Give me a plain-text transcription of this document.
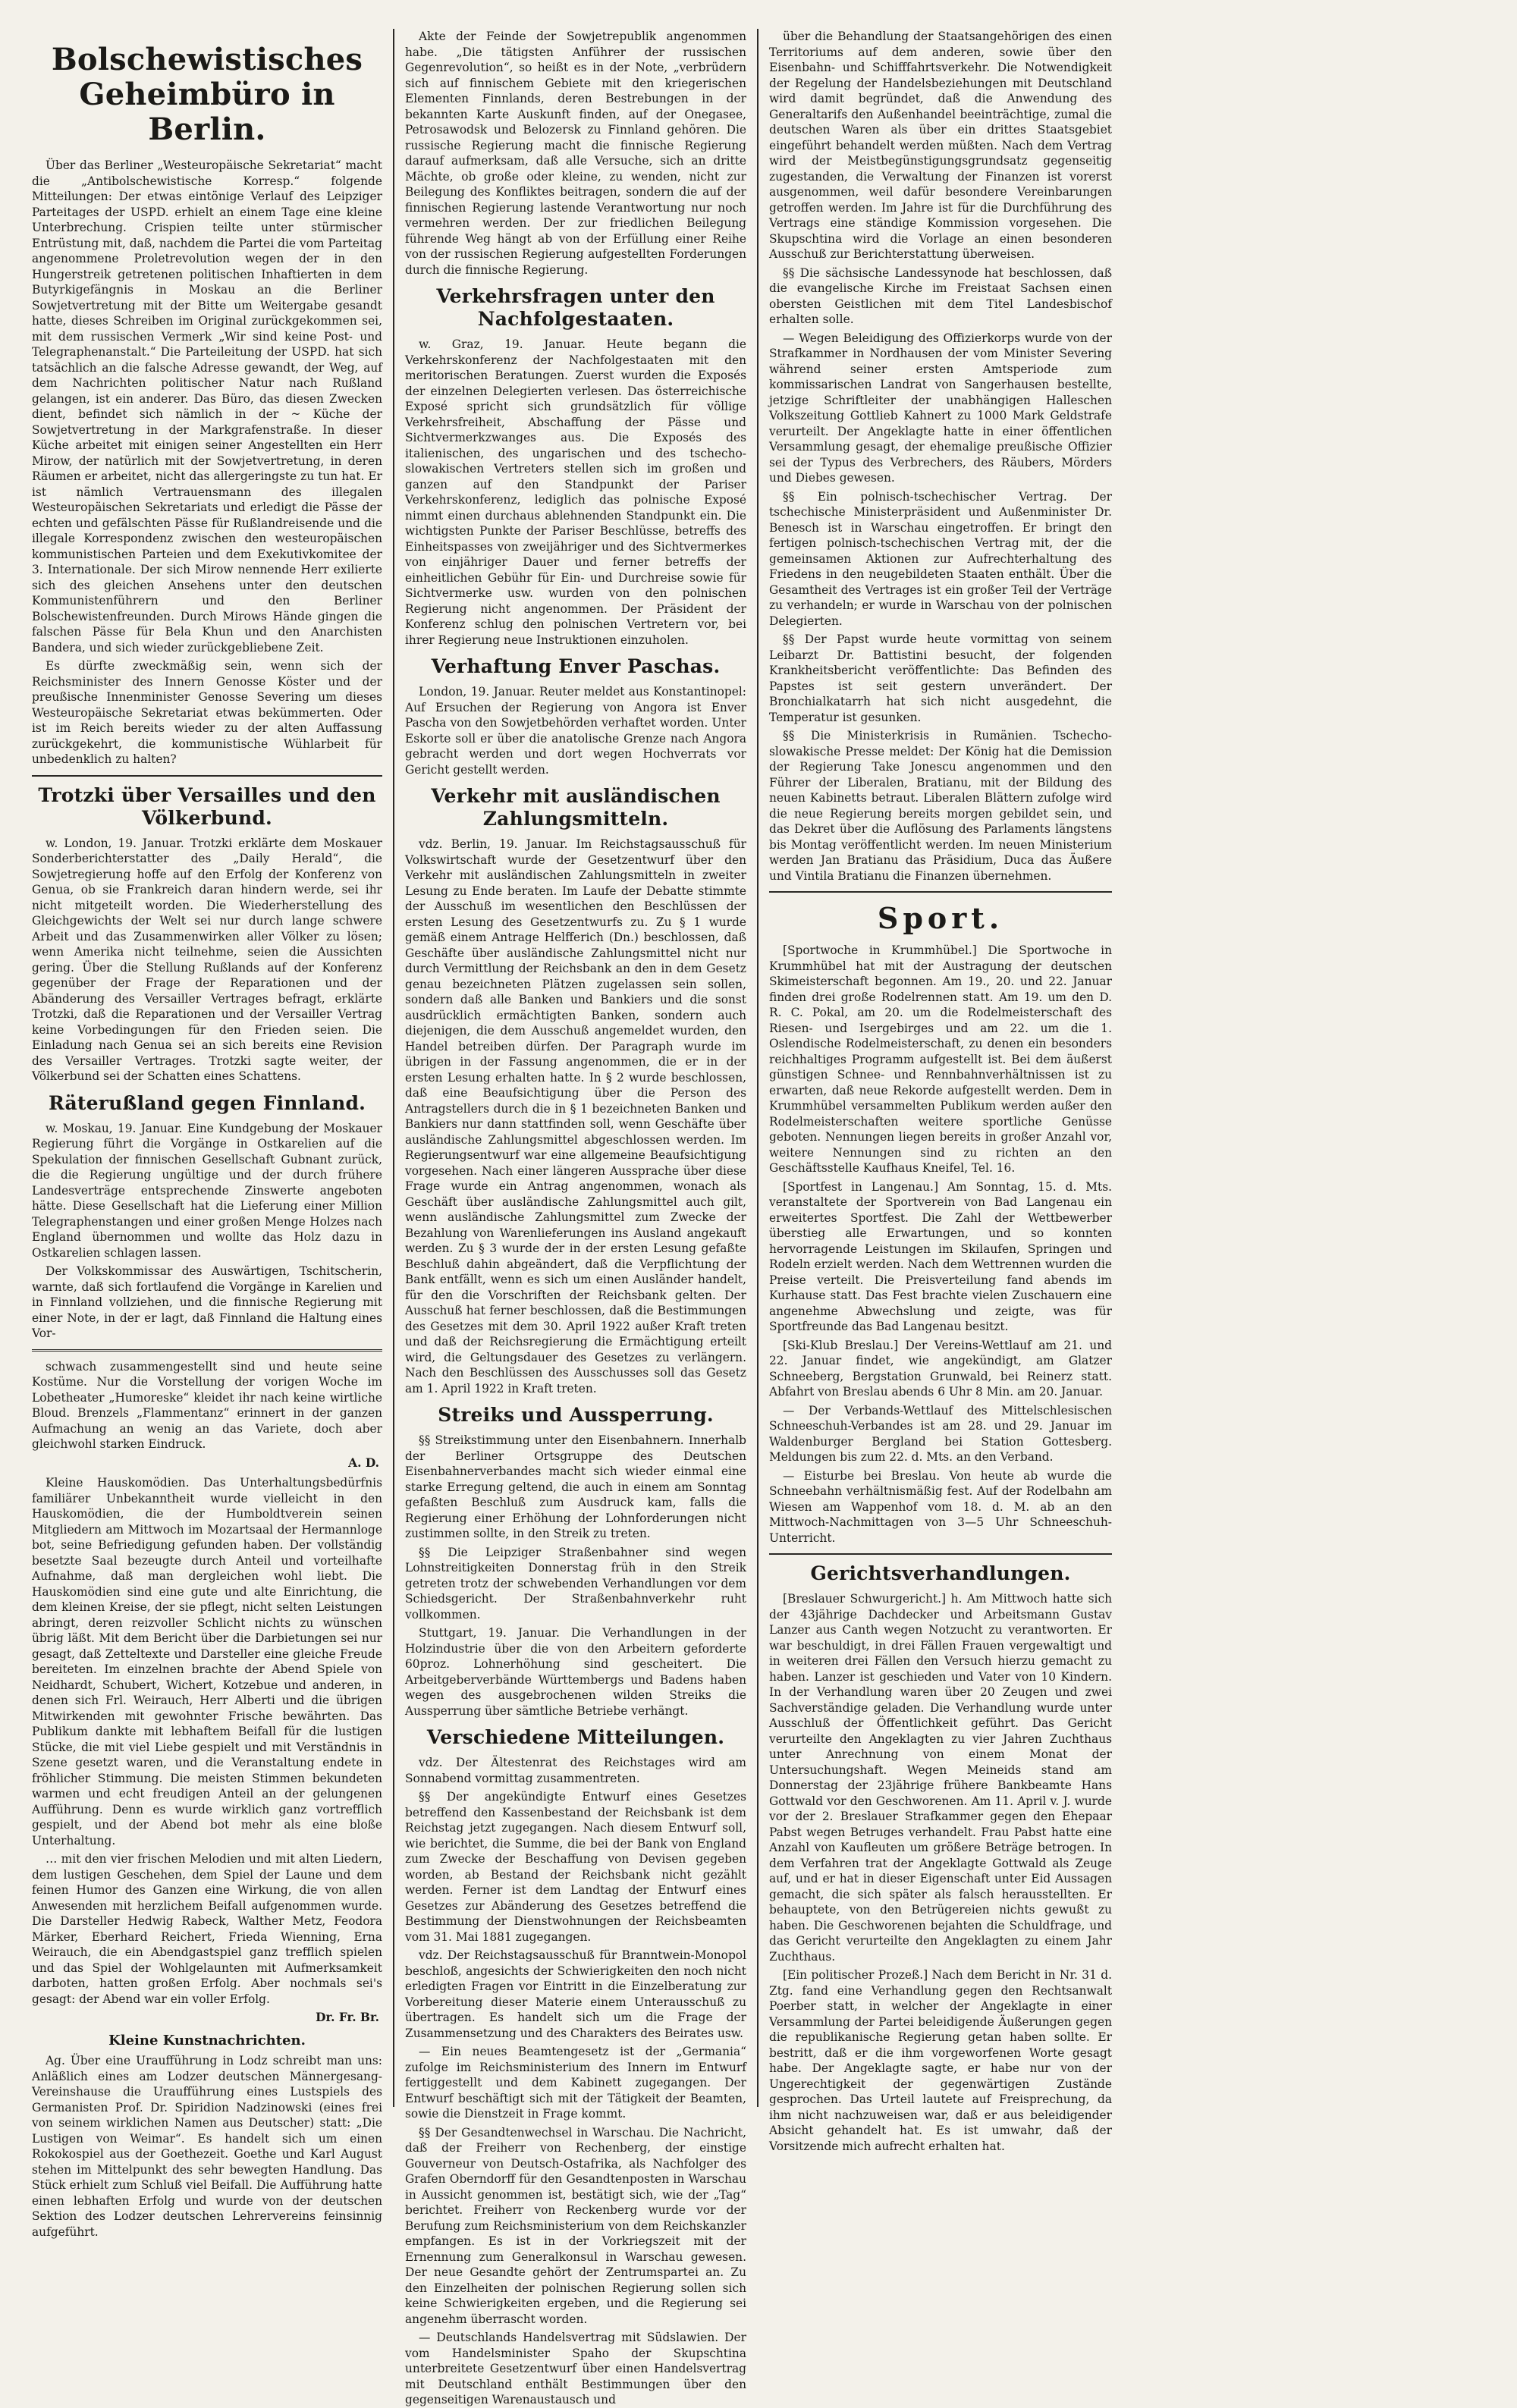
Bolschewistisches Geheimbüro in Berlin.

Über das Berliner „Westeuropäische Sekretariat“ macht die „Antibolschewistische Korresp.“ folgende Mitteilungen: Der etwas eintönige Verlauf des Leipziger Parteitages der USPD. erhielt an einem Tage eine kleine Unterbrechung. Crispien teilte unter stürmischer Entrüstung mit, daß, nachdem die Partei die vom Parteitag angenommene Proletrevolution wegen der in den Hungerstreik getretenen politischen Inhaftierten in dem Butyrkigefängnis in Moskau an die Berliner Sowjetvertretung mit der Bitte um Weitergabe gesandt hatte, dieses Schreiben im Original zurückgekommen sei, mit dem russischen Vermerk „Wir sind keine Post- und Telegraphenanstalt.“ Die Parteileitung der USPD. hat sich tatsächlich an die falsche Adresse gewandt, der Weg, auf dem Nachrichten politischer Natur nach Rußland gelangen, ist ein anderer. Das Büro, das diesen Zwecken dient, befindet sich nämlich in der ~ Küche der Sowjetvertretung in der Markgrafenstraße. In dieser Küche arbeitet mit einigen seiner Angestellten ein Herr Mirow, der natürlich mit der Sowjetvertretung, in deren Räumen er arbeitet, nicht das allergeringste zu tun hat. Er ist nämlich Vertrauensmann des illegalen Westeuropäischen Sekretariats und erledigt die Pässe der echten und gefälschten Pässe für Rußlandreisende und die illegale Korrespondenz zwischen den westeuropäischen kommunistischen Parteien und dem Exekutivkomitee der 3. Internationale. Der sich Mirow nennende Herr exilierte sich des gleichen Ansehens unter den deutschen Kommunistenführern und den Berliner Bolschewistenfreunden. Durch Mirows Hände gingen die falschen Pässe für Bela Khun und den Anarchisten Bandera, und sich wieder zurückgebliebene Zeit.

Es dürfte zweckmäßig sein, wenn sich der Reichsminister des Innern Genosse Köster und der preußische Innenminister Genosse Severing um dieses Westeuropäische Sekretariat etwas bekümmerten. Oder ist im Reich bereits wieder zu der alten Auffassung zurückgekehrt, die kommunistische Wühlarbeit für unbedenklich zu halten?

Trotzki über Versailles und den Völkerbund.

w. London, 19. Januar. Trotzki erklärte dem Moskauer Sonderberichterstatter des „Daily Herald“, die Sowjetregierung hoffe auf den Erfolg der Konferenz von Genua, ob sie Frankreich daran hindern werde, sei ihr nicht mitgeteilt worden. Die Wiederherstellung des Gleichgewichts der Welt sei nur durch lange schwere Arbeit und das Zusammenwirken aller Völker zu lösen; wenn Amerika nicht teilnehme, seien die Aussichten gering. Über die Stellung Rußlands auf der Konferenz gegenüber der Frage der Reparationen und der Abänderung des Versailler Vertrages befragt, erklärte Trotzki, daß die Reparationen und der Versailler Vertrag keine Vorbedingungen für den Frieden seien. Die Einladung nach Genua sei an sich bereits eine Revision des Versailler Vertrages. Trotzki sagte weiter, der Völkerbund sei der Schatten eines Schattens.

Räterußland gegen Finnland.

w. Moskau, 19. Januar. Eine Kundgebung der Moskauer Regierung führt die Vorgänge in Ostkarelien auf die Spekulation der finnischen Gesellschaft Gubnant zurück, die die Regierung ungültige und der durch frühere Landesverträge entsprechende Zinswerte angeboten hätte. Diese Gesellschaft hat die Lieferung einer Million Telegraphenstangen und einer großen Menge Holzes nach England übernommen und wollte das Holz dazu in Ostkarelien schlagen lassen.

Der Volkskommissar des Auswärtigen, Tschitscherin, warnte, daß sich fortlaufend die Vorgänge in Karelien und in Finnland vollziehen, und die finnische Regierung mit einer Note, in der er lagt, daß Finnland die Haltung eines Vor-

schwach zusammengestellt sind und heute seine Kostüme. Nur die Vorstellung der vorigen Woche im Lobetheater „Humoreske“ kleidet ihr nach keine wirtliche Bloud. Brenzels „Flammentanz“ erinnert in der ganzen Aufmachung an wenig an das Variete, doch aber gleichwohl starken Eindruck.

A. D.

Kleine Hauskomödien. Das Unterhaltungsbedürfnis familiärer Unbekanntheit wurde vielleicht in den Hauskomödien, die der Humboldtverein seinen Mitgliedern am Mittwoch im Mozartsaal der Hermannloge bot, seine Befriedigung gefunden haben. Der vollständig besetzte Saal bezeugte durch Anteil und vorteilhafte Aufnahme, daß man dergleichen wohl liebt. Die Hauskomödien sind eine gute und alte Einrichtung, die dem kleinen Kreise, der sie pflegt, nicht selten Leistungen abringt, deren reizvoller Schlicht nichts zu wünschen übrig läßt. Mit dem Bericht über die Darbietungen sei nur gesagt, daß Zetteltexte und Darsteller eine gleiche Freude bereiteten. Im einzelnen brachte der Abend Spiele von Neidhardt, Schubert, Wichert, Kotzebue und anderen, in denen sich Frl. Weirauch, Herr Alberti und die übrigen Mitwirkenden mit gewohnter Frische bewährten. Das Publikum dankte mit lebhaftem Beifall für die lustigen Stücke, die mit viel Liebe gespielt und mit Verständnis in Szene gesetzt waren, und die Veranstaltung endete in fröhlicher Stimmung. Die meisten Stimmen bekundeten warmen und echt freudigen Anteil an der gelungenen Aufführung. Denn es wurde wirklich ganz vortrefflich gespielt, und der Abend bot mehr als eine bloße Unterhaltung.

… mit den vier frischen Melodien und mit alten Liedern, dem lustigen Geschehen, dem Spiel der Laune und dem feinen Humor des Ganzen eine Wirkung, die von allen Anwesenden mit herzlichem Beifall aufgenommen wurde. Die Darsteller Hedwig Rabeck, Walther Metz, Feodora Märker, Eberhard Reichert, Frieda Wienning, Erna Weirauch, die ein Abendgastspiel ganz trefflich spielen und das Spiel der Wohlgelaunten mit Aufmerksamkeit darboten, hatten großen Erfolg. Aber nochmals sei's gesagt: der Abend war ein voller Erfolg.

Dr. Fr. Br.
Kleine Kunstnachrichten.

Ag. Über eine Uraufführung in Lodz schreibt man uns: Anläßlich eines am Lodzer deutschen Männergesang-Vereinshause die Uraufführung eines Lustspiels des Germanisten Prof. Dr. Spiridion Nadzinowski (eines frei von seinem wirklichen Namen aus Deutscher) statt: „Die Lustigen von Weimar“. Es handelt sich um einen Rokokospiel aus der Goethezeit. Goethe und Karl August stehen im Mittelpunkt des sehr bewegten Handlung. Das Stück erhielt zum Schluß viel Beifall. Die Aufführung hatte einen lebhaften Erfolg und wurde von der deutschen Sektion des Lodzer deutschen Lehrervereins feinsinnig aufgeführt.

Akte der Feinde der Sowjetrepublik angenommen habe. „Die tätigsten Anführer der russischen Gegenrevolution“, so heißt es in der Note, „verbrüdern sich auf finnischem Gebiete mit den kriegerischen Elementen Finnlands, deren Bestrebungen in der bekannten Karte Auskunft finden, auf der Onegasee, Petrosawodsk und Belozersk zu Finnland gehören. Die russische Regierung macht die finnische Regierung darauf aufmerksam, daß alle Versuche, sich an dritte Mächte, ob große oder kleine, zu wenden, nicht zur Beilegung des Konfliktes beitragen, sondern die auf der finnischen Regierung lastende Verantwortung nur noch vermehren werden. Der zur friedlichen Beilegung führende Weg hängt ab von der Erfüllung einer Reihe von der russischen Regierung aufgestellten Forderungen durch die finnische Regierung.

Verkehrsfragen unter den Nachfolgestaaten.

w. Graz, 19. Januar. Heute begann die Verkehrskonferenz der Nachfolgestaaten mit den meritorischen Beratungen. Zuerst wurden die Exposés der einzelnen Delegierten verlesen. Das österreichische Exposé spricht sich grundsätzlich für völlige Verkehrsfreiheit, Abschaffung der Pässe und Sichtvermerkzwanges aus. Die Exposés des italienischen, des ungarischen und des tschecho-slowakischen Vertreters stellen sich im großen und ganzen auf den Standpunkt der Pariser Verkehrskonferenz, lediglich das polnische Exposé nimmt einen durchaus ablehnenden Standpunkt ein. Die wichtigsten Punkte der Pariser Beschlüsse, betreffs des Einheitspasses von zweijähriger und des Sichtvermerkes von einjähriger Dauer und ferner betreffs der einheitlichen Gebühr für Ein- und Durchreise sowie für Sichtvermerke usw. wurden von den polnischen Regierung nicht angenommen. Der Präsident der Konferenz schlug den polnischen Vertretern vor, bei ihrer Regierung neue Instruktionen einzuholen.

Verhaftung Enver Paschas.

London, 19. Januar. Reuter meldet aus Konstantinopel: Auf Ersuchen der Regierung von Angora ist Enver Pascha von den Sowjetbehörden verhaftet worden. Unter Eskorte soll er über die anatolische Grenze nach Angora gebracht werden und dort wegen Hochverrats vor Gericht gestellt werden.

Verkehr mit ausländischen Zahlungsmitteln.

vdz. Berlin, 19. Januar. Im Reichstagsausschuß für Volkswirtschaft wurde der Gesetzentwurf über den Verkehr mit ausländischen Zahlungsmitteln in zweiter Lesung zu Ende beraten. Im Laufe der Debatte stimmte der Ausschuß im wesentlichen den Beschlüssen der ersten Lesung des Gesetzentwurfs zu. Zu § 1 wurde gemäß einem Antrage Helfferich (Dn.) beschlossen, daß Geschäfte über ausländische Zahlungsmittel nicht nur durch Vermittlung der Reichsbank an den in dem Gesetz genau bezeichneten Plätzen zugelassen sein sollen, sondern daß alle Banken und Bankiers und die sonst ausdrücklich ermächtigten Banken, sondern auch diejenigen, die dem Ausschuß angemeldet wurden, den Handel betreiben dürfen. Der Paragraph wurde im übrigen in der Fassung angenommen, die er in der ersten Lesung erhalten hatte. In § 2 wurde beschlossen, daß eine Beaufsichtigung über die Person des Antragstellers durch die in § 1 bezeichneten Banken und Bankiers nur dann stattfinden soll, wenn Geschäfte über ausländische Zahlungsmittel abgeschlossen werden. Im Regierungsentwurf war eine allgemeine Beaufsichtigung vorgesehen. Nach einer längeren Aussprache über diese Frage wurde ein Antrag angenommen, wonach als Geschäft über ausländische Zahlungsmittel auch gilt, wenn ausländische Zahlungsmittel zum Zwecke der Bezahlung von Warenlieferungen ins Ausland angekauft werden. Zu § 3 wurde der in der ersten Lesung gefaßte Beschluß dahin abgeändert, daß die Verpflichtung der Bank entfällt, wenn es sich um einen Ausländer handelt, für den die Vorschriften der Reichsbank gelten. Der Ausschuß hat ferner beschlossen, daß die Bestimmungen des Gesetzes mit dem 30. April 1922 außer Kraft treten und daß der Reichsregierung die Ermächtigung erteilt wird, die Geltungsdauer des Gesetzes zu verlängern. Nach den Beschlüssen des Ausschusses soll das Gesetz am 1. April 1922 in Kraft treten.

Streiks und Aussperrung.

§§ Streikstimmung unter den Eisenbahnern. Innerhalb der Berliner Ortsgruppe des Deutschen Eisenbahnerverbandes macht sich wieder einmal eine starke Erregung geltend, die auch in einem am Sonntag gefaßten Beschluß zum Ausdruck kam, falls die Regierung einer Erhöhung der Lohnforderungen nicht zustimmen sollte, in den Streik zu treten.

§§ Die Leipziger Straßenbahner sind wegen Lohnstreitigkeiten Donnerstag früh in den Streik getreten trotz der schwebenden Verhandlungen vor dem Schiedsgericht. Der Straßenbahnverkehr ruht vollkommen.

Stuttgart, 19. Januar. Die Verhandlungen in der Holzindustrie über die von den Arbeitern geforderte 60proz. Lohnerhöhung sind gescheitert. Die Arbeitgeberverbände Württembergs und Badens haben wegen des ausgebrochenen wilden Streiks die Aussperrung über sämtliche Betriebe verhängt.

Verschiedene Mitteilungen.

vdz. Der Ältestenrat des Reichstages wird am Sonnabend vormittag zusammentreten.

§§ Der angekündigte Entwurf eines Gesetzes betreffend den Kassenbestand der Reichsbank ist dem Reichstag jetzt zugegangen. Nach diesem Entwurf soll, wie berichtet, die Summe, die bei der Bank von England zum Zwecke der Beschaffung von Devisen gegeben worden, ab Bestand der Reichsbank nicht gezählt werden. Ferner ist dem Landtag der Entwurf eines Gesetzes zur Abänderung des Gesetzes betreffend die Bestimmung der Dienstwohnungen der Reichsbeamten vom 31. Mai 1881 zugegangen.

vdz. Der Reichstagsausschuß für Branntwein-Monopol beschloß, angesichts der Schwierigkeiten den noch nicht erledigten Fragen vor Eintritt in die Einzelberatung zur Vorbereitung dieser Materie einem Unterausschuß zu übertragen. Es handelt sich um die Frage der Zusammensetzung und des Charakters des Beirates usw.

— Ein neues Beamtengesetz ist der „Germania“ zufolge im Reichsministerium des Innern im Entwurf fertiggestellt und dem Kabinett zugegangen. Der Entwurf beschäftigt sich mit der Tätigkeit der Beamten, sowie die Dienstzeit in Frage kommt.

§§ Der Gesandtenwechsel in Warschau. Die Nachricht, daß der Freiherr von Rechenberg, der einstige Gouverneur von Deutsch-Ostafrika, als Nachfolger des Grafen Oberndorff für den Gesandtenposten in Warschau in Aussicht genommen ist, bestätigt sich, wie der „Tag“ berichtet. Freiherr von Reckenberg wurde vor der Berufung zum Reichsministerium von dem Reichskanzler empfangen. Es ist in der Vorkriegszeit mit der Ernennung zum Generalkonsul in Warschau gewesen. Der neue Gesandte gehört der Zentrumspartei an. Zu den Einzelheiten der polnischen Regierung sollen sich keine Schwierigkeiten ergeben, und die Regierung sei angenehm überrascht worden.

— Deutschlands Handelsvertrag mit Südslawien. Der vom Handelsminister Spaho der Skupschtina unterbreitete Gesetzentwurf über einen Handelsvertrag mit Deutschland enthält Bestimmungen über den gegenseitigen Warenaustausch und

über die Behandlung der Staatsangehörigen des einen Territoriums auf dem anderen, sowie über den Eisenbahn- und Schifffahrtsverkehr. Die Notwendigkeit der Regelung der Handelsbeziehungen mit Deutschland wird damit begründet, daß die Anwendung des Generaltarifs den Außenhandel beeinträchtige, zumal die deutschen Waren als über ein drittes Staatsgebiet eingeführt behandelt werden müßten. Nach dem Vertrag wird der Meistbegünstigungsgrundsatz gegenseitig zugestanden, die Verwaltung der Finanzen ist vorerst ausgenommen, weil dafür besondere Vereinbarungen getroffen werden. Im Jahre ist für die Durchführung des Vertrags eine ständige Kommission vorgesehen. Die Skupschtina wird die Vorlage an einen besonderen Ausschuß zur Berichterstattung überweisen.

§§ Die sächsische Landessynode hat beschlossen, daß die evangelische Kirche im Freistaat Sachsen einen obersten Geistlichen mit dem Titel Landesbischof erhalten solle.

— Wegen Beleidigung des Offizierkorps wurde von der Strafkammer in Nordhausen der vom Minister Severing während seiner ersten Amtsperiode zum kommissarischen Landrat von Sangerhausen bestellte, jetzige Schriftleiter der unabhängigen Halleschen Volkszeitung Gottlieb Kahnert zu 1000 Mark Geldstrafe verurteilt. Der Angeklagte hatte in einer öffentlichen Versammlung gesagt, der ehemalige preußische Offizier sei der Typus des Verbrechers, des Räubers, Mörders und Diebes gewesen.

§§ Ein polnisch-tschechischer Vertrag. Der tschechische Ministerpräsident und Außenminister Dr. Benesch ist in Warschau eingetroffen. Er bringt den fertigen polnisch-tschechischen Vertrag mit, der die gemeinsamen Aktionen zur Aufrechterhaltung des Friedens in den neugebildeten Staaten enthält. Über die Gesamtheit des Vertrages ist ein großer Teil der Verträge zu verhandeln; er wurde in Warschau von der polnischen Delegierten.

§§ Der Papst wurde heute vormittag von seinem Leibarzt Dr. Battistini besucht, der folgenden Krankheitsbericht veröffentlichte: Das Befinden des Papstes ist seit gestern unverändert. Der Bronchialkatarrh hat sich nicht ausgedehnt, die Temperatur ist gesunken.

§§ Die Ministerkrisis in Rumänien. Tschecho-slowakische Presse meldet: Der König hat die Demission der Regierung Take Jonescu angenommen und den Führer der Liberalen, Bratianu, mit der Bildung des neuen Kabinetts betraut. Liberalen Blättern zufolge wird die neue Regierung bereits morgen gebildet sein, und das Dekret über die Auflösung des Parlaments längstens bis Montag veröffentlicht werden. Im neuen Ministerium werden Jan Bratianu das Präsidium, Duca das Äußere und Vintila Bratianu die Finanzen übernehmen.

Sport.

[Sportwoche in Krummhübel.] Die Sportwoche in Krummhübel hat mit der Austragung der deutschen Skimeisterschaft begonnen. Am 19., 20. und 22. Januar finden drei große Rodelrennen statt. Am 19. um den D. R. C. Pokal, am 20. um die Rodelmeisterschaft des Riesen- und Isergebirges und am 22. um die 1. Oslendische Rodelmeisterschaft, zu denen ein besonders reichhaltiges Programm aufgestellt ist. Bei dem äußerst günstigen Schnee- und Rennbahnverhältnissen ist zu erwarten, daß neue Rekorde aufgestellt werden. Dem in Krummhübel versammelten Publikum werden außer den Rodelmeisterschaften weitere sportliche Genüsse geboten. Nennungen liegen bereits in großer Anzahl vor, weitere Nennungen sind zu richten an den Geschäftsstelle Kaufhaus Kneifel, Tel. 16.

[Sportfest in Langenau.] Am Sonntag, 15. d. Mts. veranstaltete der Sportverein von Bad Langenau ein erweitertes Sportfest. Die Zahl der Wettbewerber überstieg alle Erwartungen, und so konnten hervorragende Leistungen im Skilaufen, Springen und Rodeln erzielt werden. Nach dem Wettrennen wurden die Preise verteilt. Die Preisverteilung fand abends im Kurhause statt. Das Fest brachte vielen Zuschauern eine angenehme Abwechslung und zeigte, was für Sportfreunde das Bad Langenau besitzt.

[Ski-Klub Breslau.] Der Vereins-Wettlauf am 21. und 22. Januar findet, wie angekündigt, am Glatzer Schneeberg, Bergstation Grunwald, bei Reinerz statt. Abfahrt von Breslau abends 6 Uhr 8 Min. am 20. Januar.

— Der Verbands-Wettlauf des Mittelschlesischen Schneeschuh-Verbandes ist am 28. und 29. Januar im Waldenburger Bergland bei Station Gottesberg. Meldungen bis zum 22. d. Mts. an den Verband.

— Eisturbe bei Breslau. Von heute ab wurde die Schneebahn verhältnismäßig fest. Auf der Rodelbahn am Wiesen am Wappenhof vom 18. d. M. ab an den Mittwoch-Nachmittagen von 3—5 Uhr Schneeschuh-Unterricht.

Gerichtsverhandlungen.

[Breslauer Schwurgericht.] h. Am Mittwoch hatte sich der 43jährige Dachdecker und Arbeitsmann Gustav Lanzer aus Canth wegen Notzucht zu verantworten. Er war beschuldigt, in drei Fällen Frauen vergewaltigt und in weiteren drei Fällen den Versuch hierzu gemacht zu haben. Lanzer ist geschieden und Vater von 10 Kindern. In der Verhandlung waren über 20 Zeugen und zwei Sachverständige geladen. Die Verhandlung wurde unter Ausschluß der Öffentlichkeit geführt. Das Gericht verurteilte den Angeklagten zu vier Jahren Zuchthaus unter Anrechnung von einem Monat der Untersuchungshaft. Wegen Meineids stand am Donnerstag der 23jährige frühere Bankbeamte Hans Gottwald vor den Geschworenen. Am 11. April v. J. wurde vor der 2. Breslauer Strafkammer gegen den Ehepaar Pabst wegen Betruges verhandelt. Frau Pabst hatte eine Anzahl von Kaufleuten um größere Beträge betrogen. In dem Verfahren trat der Angeklagte Gottwald als Zeuge auf, und er hat in dieser Eigenschaft unter Eid Aussagen gemacht, die sich später als falsch herausstellten. Er behauptete, von den Betrügereien nichts gewußt zu haben. Die Geschworenen bejahten die Schuldfrage, und das Gericht verurteilte den Angeklagten zu einem Jahr Zuchthaus.

[Ein politischer Prozeß.] Nach dem Bericht in Nr. 31 d. Ztg. fand eine Verhandlung gegen den Rechtsanwalt Poerber statt, in welcher der Angeklagte in einer Versammlung der Partei beleidigende Äußerungen gegen die republikanische Regierung getan haben sollte. Er bestritt, daß er die ihm vorgeworfenen Worte gesagt habe. Der Angeklagte sagte, er habe nur von der Ungerechtigkeit der gegenwärtigen Zustände gesprochen. Das Urteil lautete auf Freisprechung, da ihm nicht nachzuweisen war, daß er aus beleidigender Absicht gehandelt hat. Es ist umwahr, daß der Vorsitzende mich aufrecht erhalten hat.
